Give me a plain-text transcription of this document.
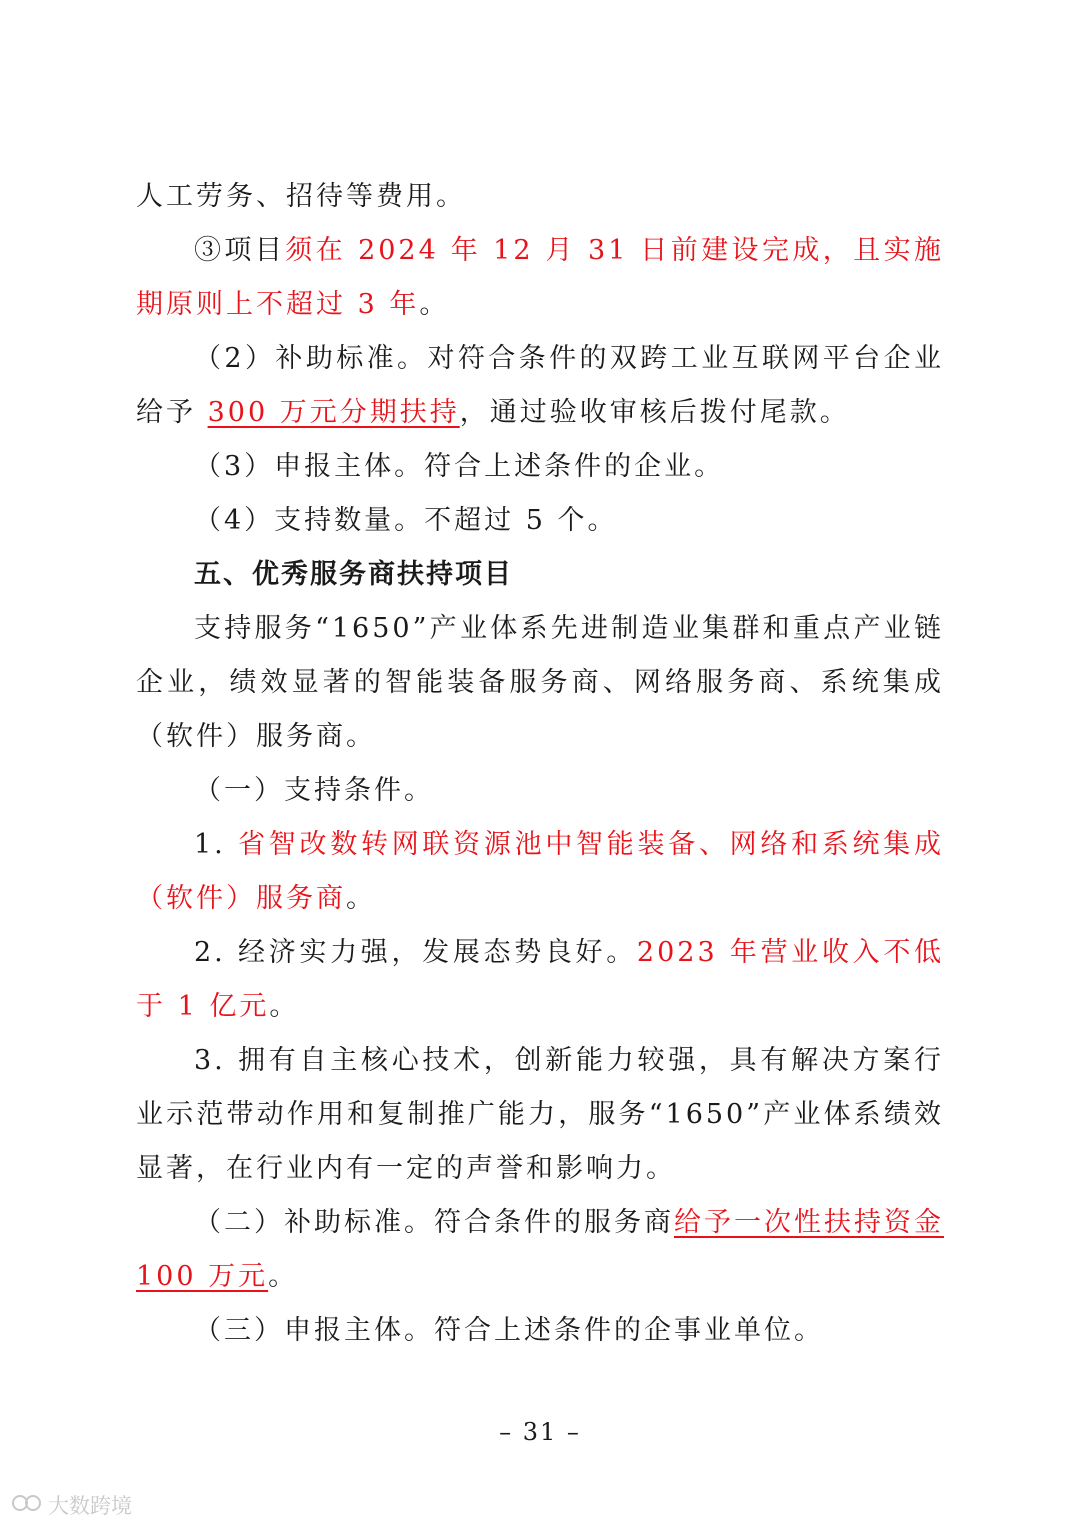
人工劳务、招待等费用。

③项目须在 2024 年 12 月 31 日前建设完成，且实施期原则上不超过 3 年。

（2）补助标准。对符合条件的双跨工业互联网平台企业给予 300 万元分期扶持，通过验收审核后拨付尾款。

（3）申报主体。符合上述条件的企业。

（4）支持数量。不超过 5 个。

五、优秀服务商扶持项目

支持服务“1650”产业体系先进制造业集群和重点产业链企业，绩效显著的智能装备服务商、网络服务商、系统集成（软件）服务商。

（一）支持条件。

1. 省智改数转网联资源池中智能装备、网络和系统集成（软件）服务商。

2. 经济实力强，发展态势良好。2023 年营业收入不低于 1 亿元。

3. 拥有自主核心技术，创新能力较强，具有解决方案行业示范带动作用和复制推广能力，服务“1650”产业体系绩效显著，在行业内有一定的声誉和影响力。

（二）补助标准。符合条件的服务商给予一次性扶持资金 100 万元。

（三）申报主体。符合上述条件的企事业单位。

– 31 –
大数跨境
